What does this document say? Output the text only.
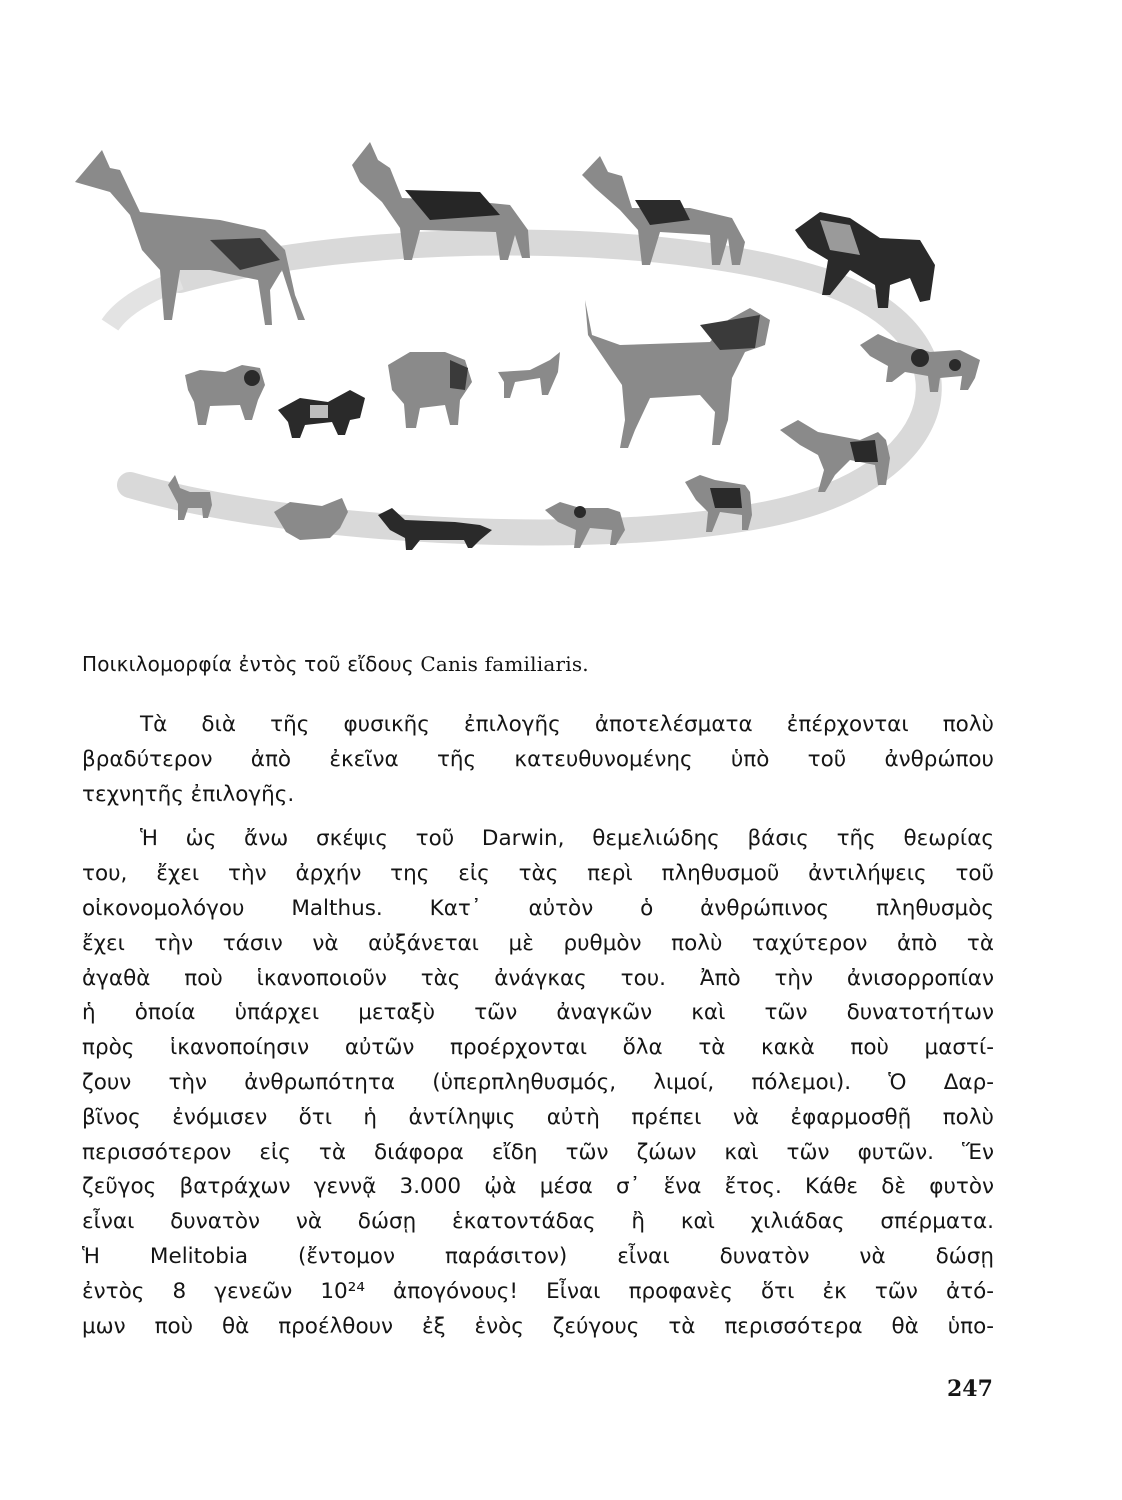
Ποικιλομορφία ἐντὸς τοῦ εἴδους Canis familiaris.
Τὰ διὰ τῆς φυσικῆς ἐπιλογῆς ἀποτελέσματα ἐπέρχονται πολὺ
βραδύτερον ἀπὸ ἐκεῖνα τῆς κατευθυνομένης ὑπὸ τοῦ ἀνθρώπου
τεχνητῆς ἐπιλογῆς.
Ἡ ὡς ἄνω σκέψις τοῦ Darwin, θεμελιώδης βάσις τῆς θεωρίας
του, ἔχει τὴν ἀρχήν της εἰς τὰς περὶ πληθυσμοῦ ἀντιλήψεις τοῦ
οἰκονομολόγου Malthus. Κατ᾽ αὐτὸν ὁ ἀνθρώπινος πληθυσμὸς
ἔχει τὴν τάσιν νὰ αὐξάνεται μὲ ρυθμὸν πολὺ ταχύτερον ἀπὸ τὰ
ἀγαθὰ ποὺ ἱκανοποιοῦν τὰς ἀνάγκας του. Ἀπὸ τὴν ἀνισορροπίαν
ἡ ὁποία ὑπάρχει μεταξὺ τῶν ἀναγκῶν καὶ τῶν δυνατοτήτων
πρὸς ἱκανοποίησιν αὐτῶν προέρχονται ὅλα τὰ κακὰ ποὺ μαστί-
ζουν τὴν ἀνθρωπότητα (ὑπερπληθυσμός, λιμοί, πόλεμοι). Ὁ Δαρ-
βῖνος ἐνόμισεν ὅτι ἡ ἀντίληψις αὐτὴ πρέπει νὰ ἐφαρμοσθῇ πολὺ
περισσότερον εἰς τὰ διάφορα εἴδη τῶν ζώων καὶ τῶν φυτῶν. Ἕν
ζεῦγος βατράχων γεννᾷ 3.000 ᾠὰ μέσα σ᾽ ἕνα ἔτος. Κάθε δὲ φυτὸν
εἶναι δυνατὸν νὰ δώσῃ ἑκατοντάδας ἢ καὶ χιλιάδας σπέρματα.
Ἡ Melitobia (ἔντομον παράσιτον) εἶναι δυνατὸν νὰ δώσῃ
ἐντὸς 8 γενεῶν 10²⁴ ἀπογόνους! Εἶναι προφανὲς ὅτι ἐκ τῶν ἀτό-
μων ποὺ θὰ προέλθουν ἐξ ἑνὸς ζεύγους τὰ περισσότερα θὰ ὑπο-
247
